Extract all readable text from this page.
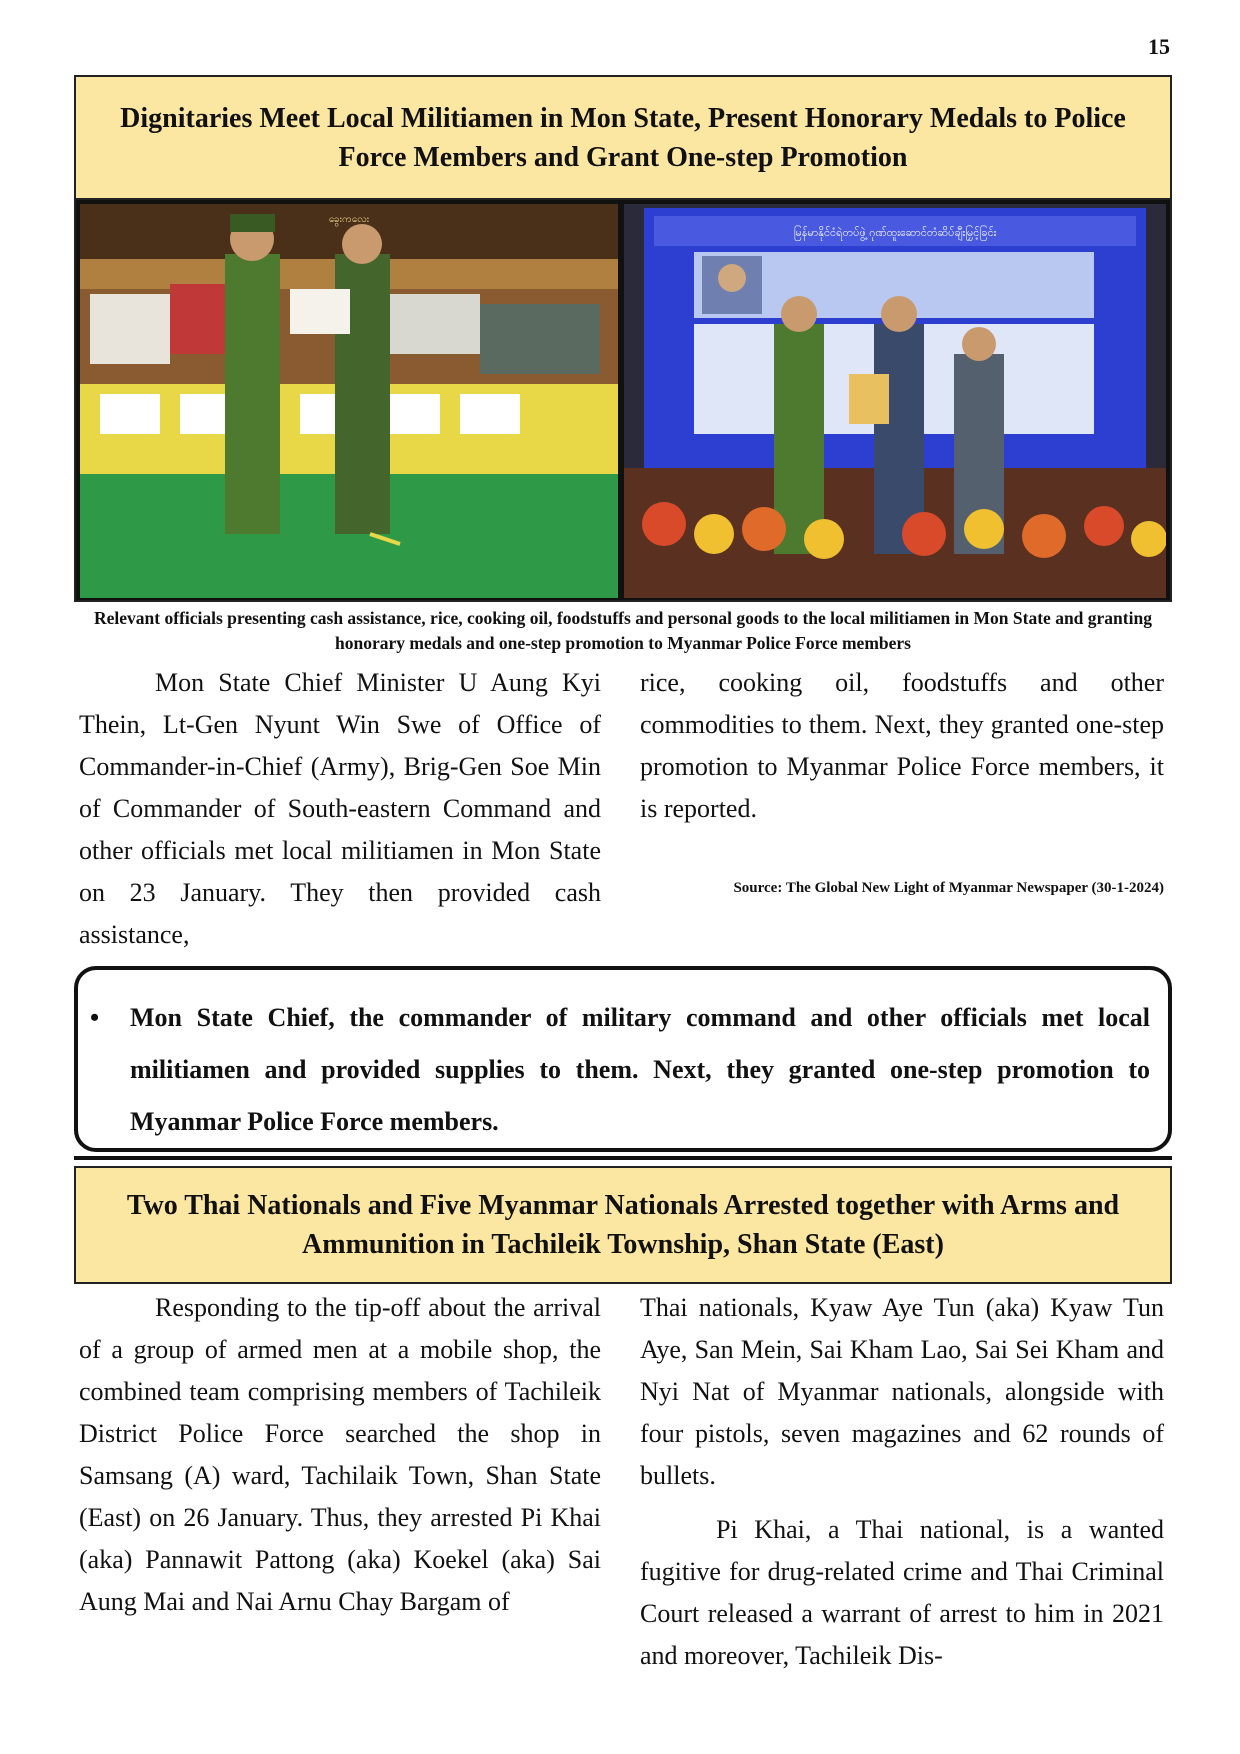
15
Dignitaries Meet Local Militiamen in Mon State, Present Honorary Medals to Police Force Members and Grant One-step Promotion
ခွေးကလေး
မြန်မာနိုင်ငံရဲတပ်ဖွဲ့ ဂုဏ်ထူးဆောင်တံဆိပ်ချီးမြှင့်ခြင်း
Relevant officials presenting cash assistance, rice, cooking oil, foodstuffs and personal goods to the local militiamen in Mon State and granting honorary medals and one-step promotion to Myanmar Police Force members

Mon State Chief Minister U Aung Kyi Thein, Lt-Gen Nyunt Win Swe of Office of Commander-in-Chief (Army), Brig-Gen Soe Min of Commander of South-eastern Command and other officials met local militiamen in Mon State on 23 January. They then provided cash assistance,

rice, cooking oil, foodstuffs and other commodities to them. Next, they granted one-step promotion to Myanmar Police Force members, it is reported.

Source: The Global New Light of Myanmar Newspaper (30-1-2024)
• Mon State Chief, the commander of military command and other officials met local militiamen and provided supplies to them. Next, they granted one-step promotion to Myanmar Police Force members.
Two Thai Nationals and Five Myanmar Nationals Arrested together with Arms and Ammunition in Tachileik Township, Shan State (East)

Responding to the tip-off about the arrival of a group of armed men at a mobile shop, the combined team comprising members of Tachileik District Police Force searched the shop in Samsang (A) ward, Tachilaik Town, Shan State (East) on 26 January. Thus, they arrested Pi Khai (aka) Pannawit Pattong (aka) Koekel (aka) Sai Aung Mai and Nai Arnu Chay Bargam of

Thai nationals, Kyaw Aye Tun (aka) Kyaw Tun Aye, San Mein, Sai Kham Lao, Sai Sei Kham and Nyi Nat of Myanmar nationals, alongside with four pistols, seven magazines and 62 rounds of bullets.

Pi Khai, a Thai national, is a wanted fugitive for drug-related crime and Thai Criminal Court released a warrant of arrest to him in 2021 and moreover, Tachileik Dis-
